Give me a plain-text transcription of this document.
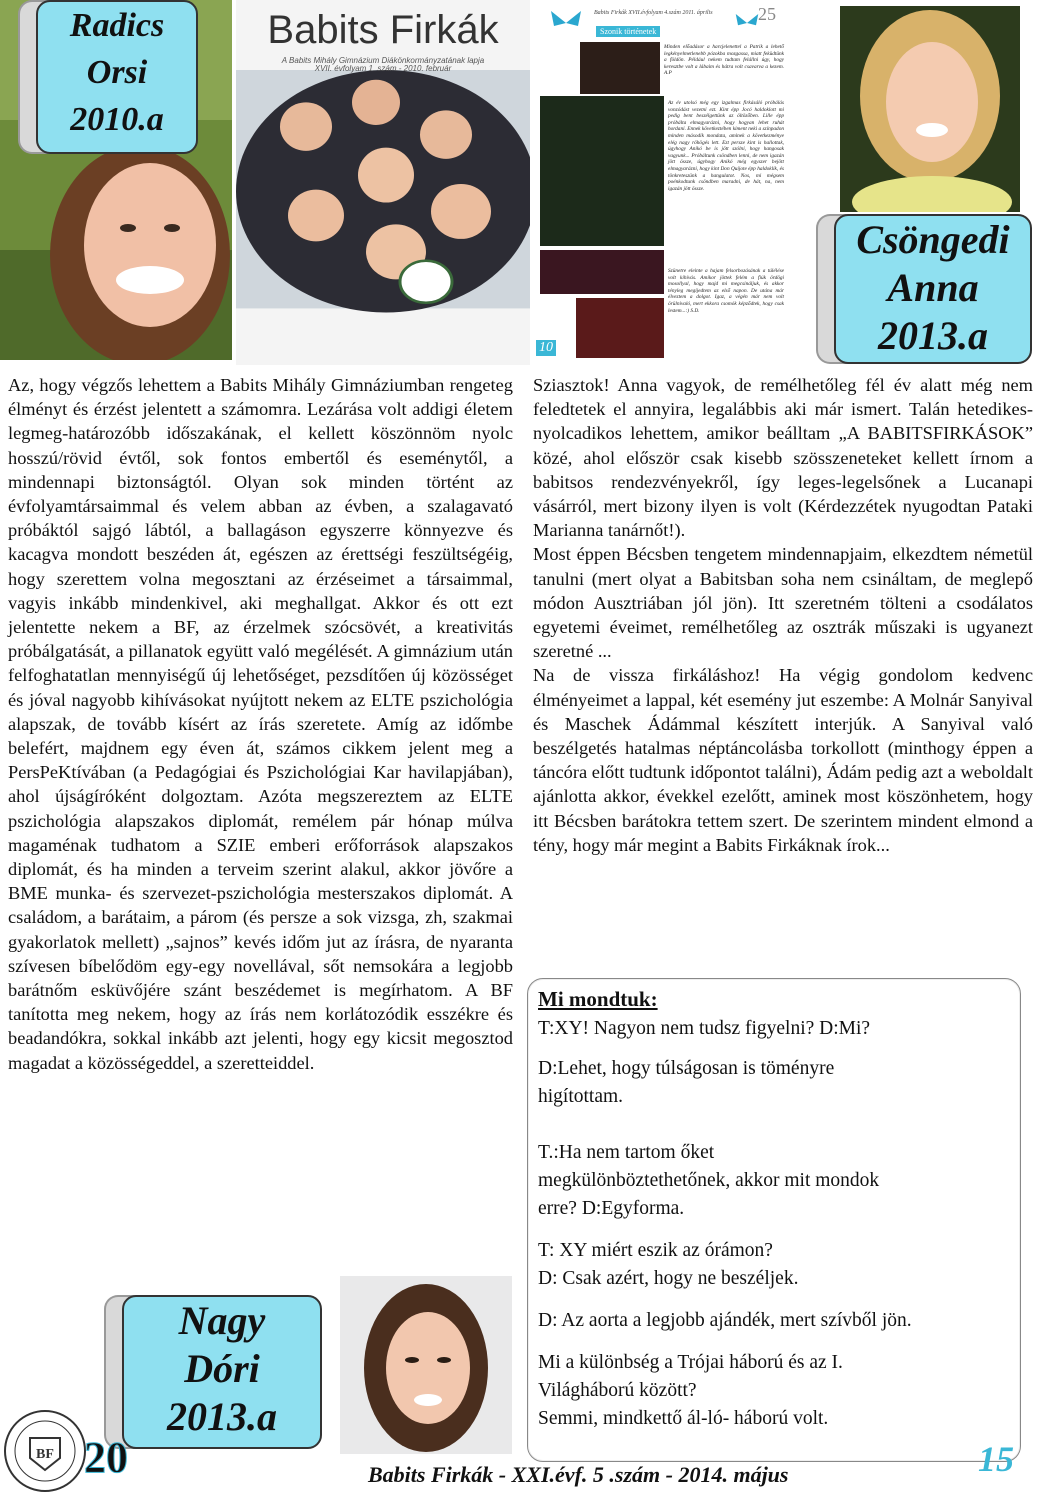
Radics
Orsi
2010.a
Babits Firkák
A Babits Mihály Gimnázium Diákönkormányzatának lapja
XVII. évfolyam 1. szám - 2010. február
Babits Firkák XVII.évfolyam 4.szám 2011. április	25
Szonik történetek
Minden előadásor a harcjelenettel a Patrik a lehető legkényelmetlenebb pózokba mozgassa, miatt feküdtünk a földön. Például nekem tudtam felállni úgy, hogy keresztbe volt a lábaim és hátra volt csavarva a kezem. A.P
Az év utolsó még egy izgalmas firkásáló próbálás vonzódást vezetni ezt. Kint épp Jocó haldoklott mi pedig bent beszélgettünk az öltözőben. Lille épp próbálta elmagyarázni, hogy hogyan lehet ruhát hordani. Ennek következtében kiment neki a színpadon minden második mondata, aminek a következménye elég nagy röhögés lett. Ezt persze kint is hallottak, úgyhogy Anikó be is jött szólni, hogy hangosak vagyunk... Próbáltunk csöndben lenni, de nem igazán jött össze, úgyhogy Anikó még egyszer bejött elmagyarázni, hogy kint Don Quijote épp haldoklik, és tönkreteszünk a hangulatot. Nos, mi mégsem poénkodtunk csöndben maradni, de hát, na, nem igazán jött össze.
Szünetre eleinte a hajam felsorbozásának a túlélése volt kihívás. Amikor jöttek felém a fiúk ördögi mosollyal, hogy majd mi megcsináljuk, és akkor tényleg megijedtem az első napon. De utána már élveztem a dolgot. Igaz, a végén már nem volt örülnivaló, mert ekkora csomók képződtek, hogy csak lestem...:) S.D.
10
Csöngedi
Anna
2013.a
Az, hogy végzős lehettem a Babits Mihály Gimnáziumban rengeteg élményt és érzést jelentett a számomra. Lezárása volt addigi életem legmeg-határozóbb időszakának, el kellett köszönnöm nyolc hosszú/rövid évtől, sok fontos embertől és eseménytől, a mindennapi biztonságtól. Olyan sok minden történt az évfolyamtársaimmal és velem abban az évben, a szalagavató próbáktól sajgó lábtól, a ballagáson egyszerre könnyezve és kacagva mondott beszéden át, egészen az érettségi feszültségéig, hogy szerettem volna megosztani az érzéseimet a társaimmal, vagyis inkább mindenkivel, aki meghallgat. Akkor és ott ezt jelentette nekem a BF, az érzelmek szócsövét, a kreativitás próbálgatását, a pillanatok együtt való megélését. A gimnázium után felfoghatatlan mennyiségű új lehetőséget, pezsdítően új közösséget és jóval nagyobb kihívásokat nyújtott nekem az ELTE pszichológia alapszak, de tovább kísért az írás szeretete. Amíg az időmbe belefért, majdnem egy éven át, számos cikkem jelent meg a PersPeKtívában (a Pedagógiai és Pszichológiai Kar havilapjában), ahol újságíróként dolgoztam. Azóta megszereztem az ELTE pszichológia alapszakos diplomát, remélem pár hónap múlva magaménak tudhatom a SZIE emberi erőforrások alapszakos diplomát, és ha minden a terveim szerint alakul, akkor jövőre a BME munka- és szervezet-pszichológia mesterszakos diplomát. A családom, a barátaim, a párom (és persze a sok vizsga, zh, szakmai gyakorlatok mellett) „sajnos” kevés időm jut az írásra, de nyaranta szívesen bíbelődöm egy-egy novellával, sőt nemsokára a legjobb barátnőm esküvőjére szánt beszédemet is megírhatom. A BF tanította meg nekem, hogy az írás nem korlátozódik esszékre és beadandókra, sokkal inkább azt jelenti, hogy egy kicsit megosztod magadat a közösségeddel, a szeretteiddel.

Sziasztok! Anna vagyok, de remélhetőleg fél év alatt még nem feledtetek el annyira, legalábbis aki már ismert. Talán hetedikes-nyolcadikos lehettem, amikor beálltam „A BABITSFIRKÁSOK” közé, ahol először csak kisebb szösszeneteket kellett írnom a babitsos rendezvényekről, így leges-legelsőnek a Lucanapi vásárról, mert bizony ilyen is volt (Kérdezzétek nyugodtan Pataki Marianna tanárnőt!).

Most éppen Bécsben tengetem mindennapjaim, elkezdtem németül tanulni (mert olyat a Babitsban soha nem csináltam, de meglepő módon Ausztriában jól jön). Itt szeretném tölteni a csodálatos egyetemi éveimet, remélhetőleg az osztrák műszaki is ugyanezt szeretné ...

Na de vissza firkáláshoz! Ha végig gondolom kedvenc élményeimet a lappal, két esemény jut eszembe: A Molnár Sanyival és Maschek Ádámmal készített interjúk. A Sanyival való beszélgetés hatalmas néptáncolásba torkollott (minthogy éppen a táncóra előtt tudtunk időpontot találni), Ádám pedig azt a weboldalt ajánlotta akkor, évekkel ezelőtt, aminek most köszönhetem, hogy itt Bécsben barátokra tettem szert. De szerintem mindent elmond a tény, hogy már megint a Babits Firkáknak írok...

Mi mondtuk:

T:XY! Nagyon nem tudsz figyelni? D:Mi?

D:Lehet, hogy túlságosan is töményre

higítottam.

T.:Ha nem tartom őket

megkülönböztethetőnek, akkor mit mondok

erre? D:Egyforma.

T: XY miért eszik az órámon?

D: Csak azért, hogy ne beszéljek.

D: Az aorta a legjobb ajándék, mert szívből jön.

Mi a különbség a Trójai háború és az I.

Világháború között?

Semmi, mindkettő ál-ló- háború volt.

Nagy
Dóri
2013.a
BF 20	Babits Firkák - XXI.évf. 5 .szám - 2014. május	15
